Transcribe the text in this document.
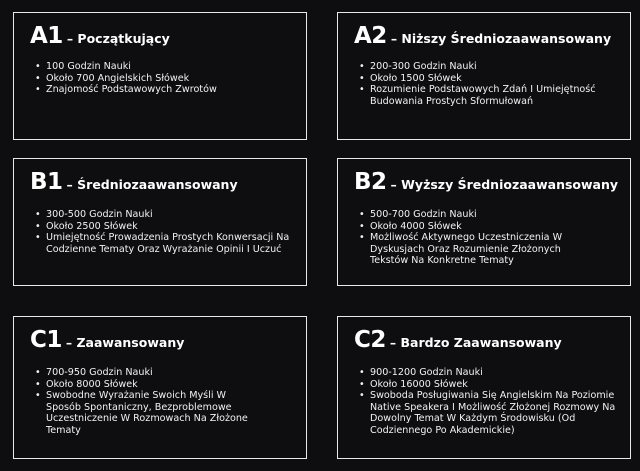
A1 – Początkujący
• 100 Godzin Nauki
• Około 700 Angielskich Słówek
• Znajomość Podstawowych Zwrotów
A2 – Niższy Średniozaawansowany
• 200-300 Godzin Nauki
• Około 1500 Słówek
• Rozumienie Podstawowych Zdań I Umiejętność Budowania Prostych Sformułowań
B1 – Średniozaawansowany
• 300-500 Godzin Nauki
• Około 2500 Słówek
• Umiejętność Prowadzenia Prostych Konwersacji Na Codzienne Tematy Oraz Wyrażanie Opinii I Uczuć
B2 – Wyższy Średniozaawansowany
• 500-700 Godzin Nauki
• Około 4000 Słówek
• Możliwość Aktywnego Uczestniczenia W Dyskusjach Oraz Rozumienie Złożonych Tekstów Na Konkretne Tematy
C1 – Zaawansowany
• 700-950 Godzin Nauki
• Około 8000 Słówek
• Swobodne Wyrażanie Swoich Myśli W Sposób Spontaniczny, Bezproblemowe Uczestniczenie W Rozmowach Na Złożone Tematy
C2 – Bardzo Zaawansowany
• 900-1200 Godzin Nauki
• Około 16000 Słówek
• Swoboda Posługiwania Się Angielskim Na Poziomie Native Speakera I Możliwość Złożonej Rozmowy Na Dowolny Temat W Każdym Środowisku (Od Codziennego Po Akademickie)
